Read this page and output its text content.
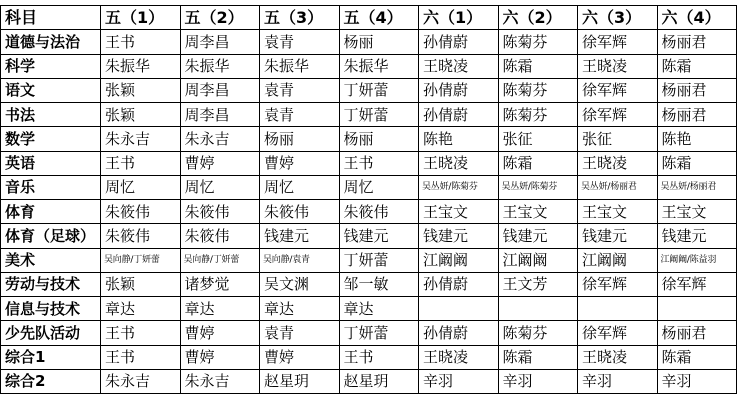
科目	五（1）	五（2）	五（3）	五（4）	六（1）	六（2）	六（3）	六（4）
道德与法治	王书	周李昌	袁青	杨丽	孙倩蔚	陈菊芬	徐军辉	杨丽君
科学	朱振华	朱振华	朱振华	朱振华	王晓凌	陈霜	王晓凌	陈霜
语文	张颖	周李昌	袁青	丁妍蕾	孙倩蔚	陈菊芬	徐军辉	杨丽君
书法	张颖	周李昌	袁青	丁妍蕾	孙倩蔚	陈菊芬	徐军辉	杨丽君
数学	朱永吉	朱永吉	杨丽	杨丽	陈艳	张征	张征	陈艳
英语	王书	曹婷	曹婷	王书	王晓凌	陈霜	王晓凌	陈霜
音乐	周忆	周忆	周忆	周忆	吴丛妍/陈菊芬	吴丛妍/陈菊芬	吴丛妍/杨丽君	吴丛妍/杨丽君
体育	朱筱伟	朱筱伟	朱筱伟	朱筱伟	王宝文	王宝文	王宝文	王宝文
体育（足球）	朱筱伟	朱筱伟	钱建元	钱建元	钱建元	钱建元	钱建元	钱建元
美术	吴向静/丁妍蕾	吴向静/丁妍蕾	吴向静/袁青	丁妍蕾	江阚阚	江阚阚	江阚阚	江阚阚/陈益羽
劳动与技术	张颖	诸梦觉	吴文渊	邹一敏	孙倩蔚	王文芳	徐军辉	徐军辉
信息与技术	章达	章达	章达	章达				
少先队活动	王书	曹婷	袁青	丁妍蕾	孙倩蔚	陈菊芬	徐军辉	杨丽君
综合1	王书	曹婷	曹婷	王书	王晓凌	陈霜	王晓凌	陈霜
综合2	朱永吉	朱永吉	赵星玥	赵星玥	辛羽	辛羽	辛羽	辛羽
